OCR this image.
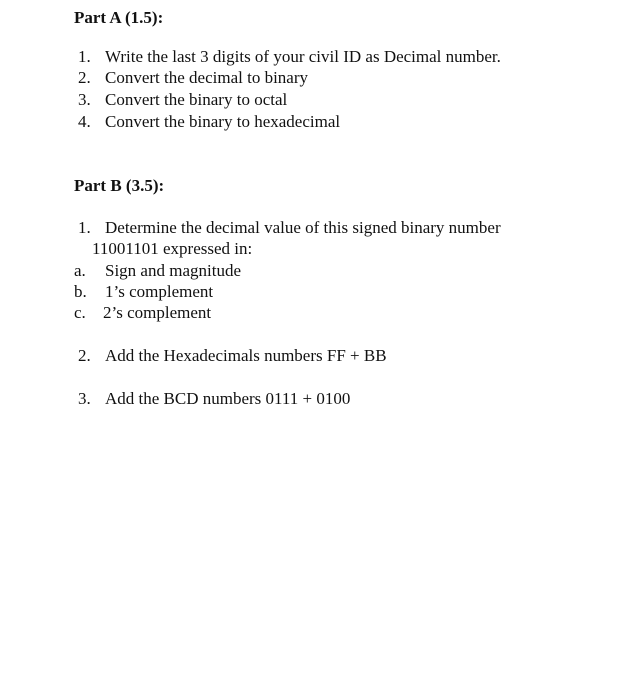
Part A (1.5):
1. Write the last 3 digits of your civil ID as Decimal number.
2. Convert the decimal to binary
3. Convert the binary to octal
4. Convert the binary to hexadecimal
Part B (3.5):
1. Determine the decimal value of this signed binary number
11001101 expressed in:
a. Sign and magnitude
b. 1’s complement
c. 2’s complement
2. Add the Hexadecimals numbers FF + BB
3. Add the BCD numbers 0111 + 0100
